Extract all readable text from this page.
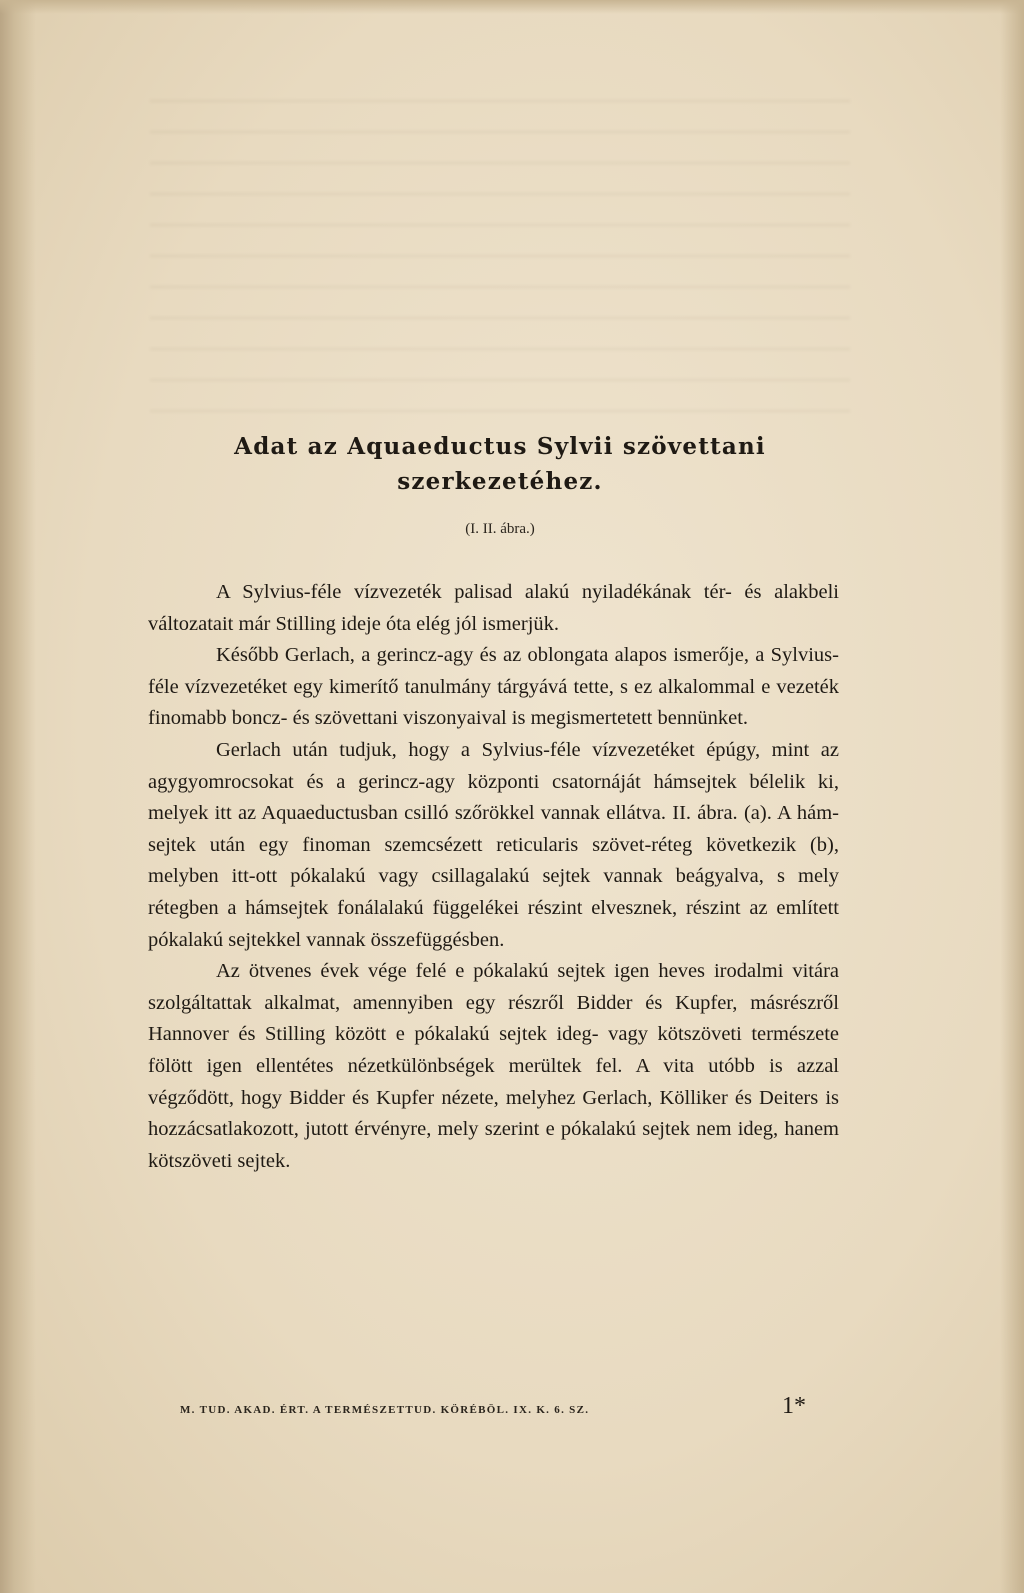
Adat az Aquaeductus Sylvii szövettani
szerkezetéhez.
(I. II. ábra.)

A Sylvius-féle vízvezeték palisad alakú nyiladékának tér- és alakbeli változatait már Stilling ideje óta elég jól ismerjük.

Később Gerlach, a gerincz-agy és az oblongata alapos ismerője, a Sylvius-féle vízvezetéket egy kimerítő tanulmány tárgyává tette, s ez alkalommal e vezeték finomabb boncz- és szövettani viszonyaival is megismertetett bennünket.

Gerlach után tudjuk, hogy a Sylvius-féle vízvezetéket épúgy, mint az agygyomrocsokat és a gerincz-agy központi csatornáját hámsejtek bélelik ki, melyek itt az Aquaeductusban csilló szőrökkel vannak ellátva. II. ábra. (a). A hám-sejtek után egy finoman szemcsézett reticularis szövet-réteg következik (b), melyben itt-ott pókalakú vagy csillagalakú sejtek vannak beágyalva, s mely rétegben a hámsejtek fonálalakú függelékei részint elvesznek, részint az említett pókalakú sejtekkel vannak összefüggésben.

Az ötvenes évek vége felé e pókalakú sejtek igen heves irodalmi vitára szolgáltattak alkalmat, amennyiben egy részről Bidder és Kupfer, másrészről Hannover és Stilling között e pókalakú sejtek ideg- vagy kötszöveti természete fölött igen ellentétes nézetkülönbségek merültek fel. A vita utóbb is azzal végződött, hogy Bidder és Kupfer nézete, melyhez Gerlach, Kölliker és Deiters is hozzácsatlakozott, jutott érvényre, mely szerint e pókalakú sejtek nem ideg, hanem kötszöveti sejtek.

M. TUD. AKAD. ÉRT. A TERMÉSZETTUD. KÖRÉBÖL. IX. K. 6. SZ.	1*
